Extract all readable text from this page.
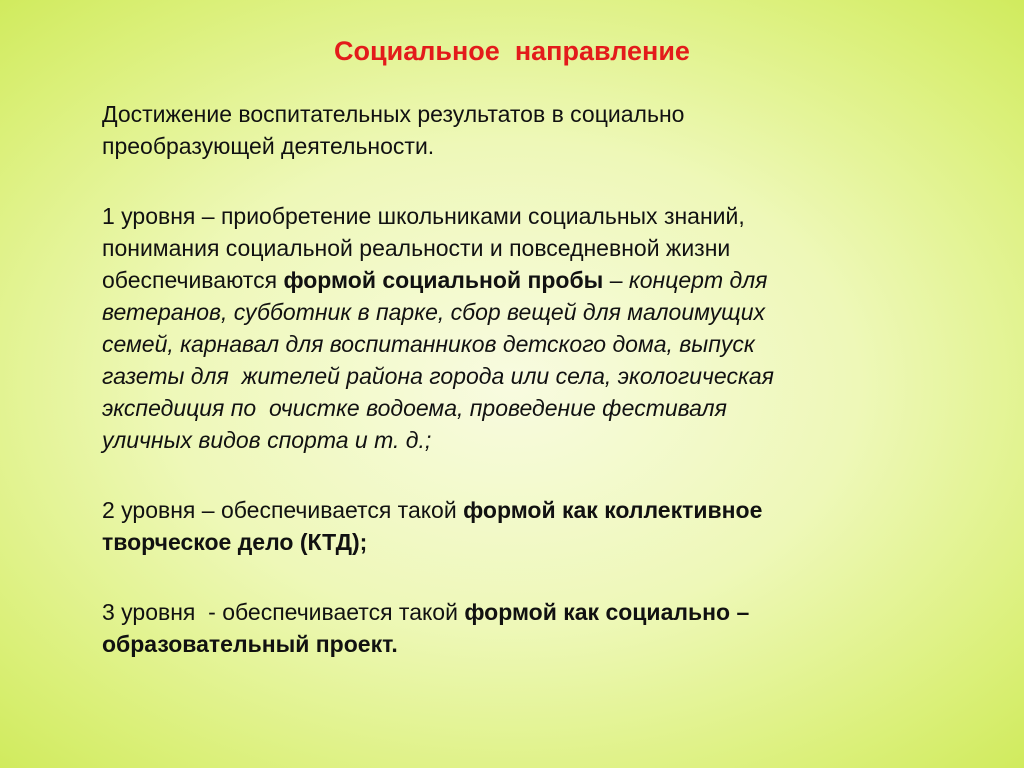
Социальное  направление
Достижение воспитательных результатов в социально
преобразующей деятельности.
1 уровня – приобретение школьниками социальных знаний,
понимания социальной реальности и повседневной жизни
обеспечиваются формой социальной пробы – концерт для
ветеранов, субботник в парке, сбор вещей для малоимущих
семей, карнавал для воспитанников детского дома, выпуск
газеты для  жителей района города или села, экологическая
экспедиция по  очистке водоема, проведение фестиваля
уличных видов спорта и т. д.;
2 уровня – обеспечивается такой формой как коллективное
творческое дело (КТД);
3 уровня  - обеспечивается такой формой как социально –
образовательный проект.
